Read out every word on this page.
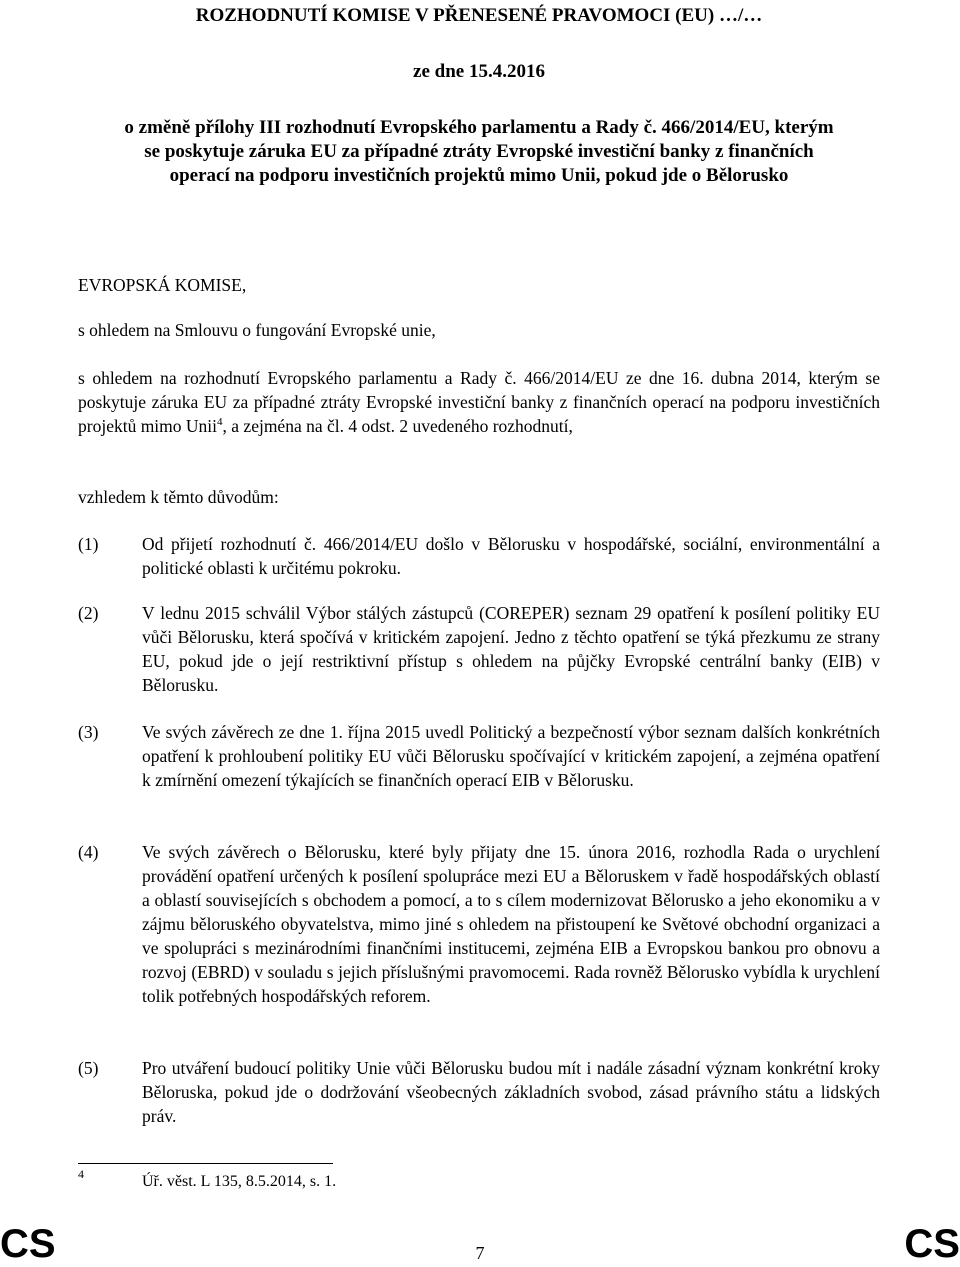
ROZHODNUTÍ KOMISE V PŘENESENÉ PRAVOMOCI (EU) …/…
ze dne 15.4.2016
o změně přílohy III rozhodnutí Evropského parlamentu a Rady č. 466/2014/EU, kterým
se poskytuje záruka EU za případné ztráty Evropské investiční banky z finančních
operací na podporu investičních projektů mimo Unii, pokud jde o Bělorusko
EVROPSKÁ KOMISE,
s ohledem na Smlouvu o fungování Evropské unie,
s ohledem na rozhodnutí Evropského parlamentu a Rady č. 466/2014/EU ze dne 16. dubna 2014, kterým se poskytuje záruka EU za případné ztráty Evropské investiční banky z finančních operací na podporu investičních projektů mimo Unii$^4$, a zejména na čl. 4 odst. 2 uvedeného rozhodnutí,
vzhledem k těmto důvodům:
(1)	Od přijetí rozhodnutí č. 466/2014/EU došlo v Bělorusku v hospodářské, sociální, environmentální a politické oblasti k určitému pokroku.
(2)	V lednu 2015 schválil Výbor stálých zástupců (COREPER) seznam 29 opatření k posílení politiky EU vůči Bělorusku, která spočívá v kritickém zapojení. Jedno z těchto opatření se týká přezkumu ze strany EU, pokud jde o její restriktivní přístup s ohledem na půjčky Evropské centrální banky (EIB) v Bělorusku.
(3)	Ve svých závěrech ze dne 1. října 2015 uvedl Politický a bezpečností výbor seznam dalších konkrétních opatření k prohloubení politiky EU vůči Bělorusku spočívající v kritickém zapojení, a zejména opatření k zmírnění omezení týkajících se finančních operací EIB v Bělorusku.
(4)	Ve svých závěrech o Bělorusku, které byly přijaty dne 15. února 2016, rozhodla Rada o urychlení provádění opatření určených k posílení spolupráce mezi EU a Běloruskem v řadě hospodářských oblastí a oblastí souvisejících s obchodem a pomocí, a to s cílem modernizovat Bělorusko a jeho ekonomiku a v zájmu běloruského obyvatelstva, mimo jiné s ohledem na přistoupení ke Světové obchodní organizaci a ve spolupráci s mezinárodními finančními institucemi, zejména EIB a Evropskou bankou pro obnovu a rozvoj (EBRD) v souladu s jejich příslušnými pravomocemi. Rada rovněž Bělorusko vybídla k urychlení tolik potřebných hospodářských reforem.
(5)	Pro utváření budoucí politiky Unie vůči Bělorusku budou mít i nadále zásadní význam konkrétní kroky Běloruska, pokud jde o dodržování všeobecných základních svobod, zásad právního státu a lidských práv.
4	Úř. věst. L 135, 8.5.2014, s. 1.
CS	7	CS
